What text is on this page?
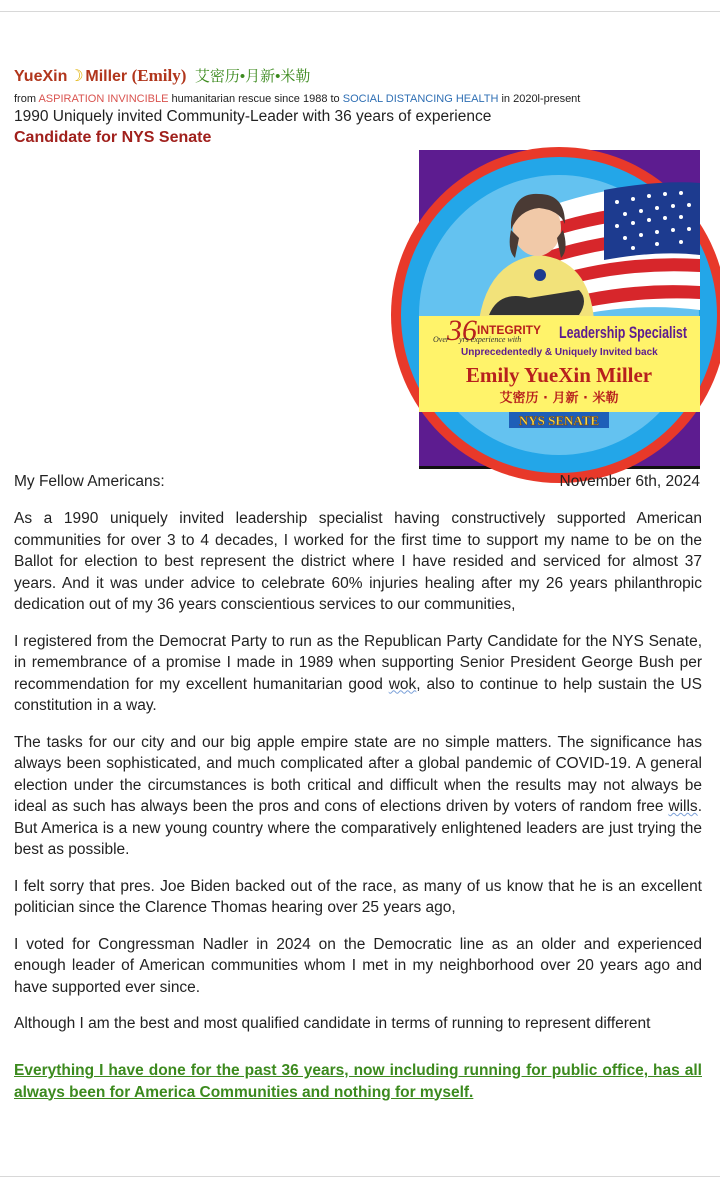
YueXin ☽ Miller (Emily) 艾密历•月新•米勒
from ASPIRATION INVINCIBLE humanitarian rescue since 1988 to SOCIAL DISTANCING HEALTH in 2020l-present
1990 Uniquely invited Community-Leader with 36 years of experience
Candidate for NYS Senate
36
Over yrs experience with
INTEGRITY Leadership Specialist
Unprecedentedly & Uniquely Invited back
Emily YueXin Miller
艾密历 · 月新 · 米勒
NYS SENATE
My Fellow Americans:	November 6th, 2024

As a 1990 uniquely invited leadership specialist having constructively supported American communities for over 3 to 4 decades, I worked for the first time to support my name to be on the Ballot for election to best represent the district where I have resided and serviced for almost 37 years. And it was under advice to celebrate 60% injuries healing after my 26 years philanthropic dedication out of my 36 years conscientious services to our communities,

I registered from the Democrat Party to run as the Republican Party Candidate for the NYS Senate, in remembrance of a promise I made in 1989 when supporting Senior President George Bush per recommendation for my excellent humanitarian good wok, also to continue to help sustain the US constitution in a way.

The tasks for our city and our big apple empire state are no simple matters. The significance has always been sophisticated, and much complicated after a global pandemic of COVID-19. A general election under the circumstances is both critical and difficult when the results may not always be ideal as such has always been the pros and cons of elections driven by voters of random free wills. But America is a new young country where the comparatively enlightened leaders are just trying the best as possible.

I felt sorry that pres. Joe Biden backed out of the race, as many of us know that he is an excellent politician since the Clarence Thomas hearing over 25 years ago,

I voted for Congressman Nadler in 2024 on the Democratic line as an older and experienced enough leader of American communities whom I met in my neighborhood over 20 years ago and have supported ever since.

Although I am the best and most qualified candidate in terms of running to represent different

Everything I have done for the past 36 years, now including running for public office, has all always been for America Communities and nothing for myself.
